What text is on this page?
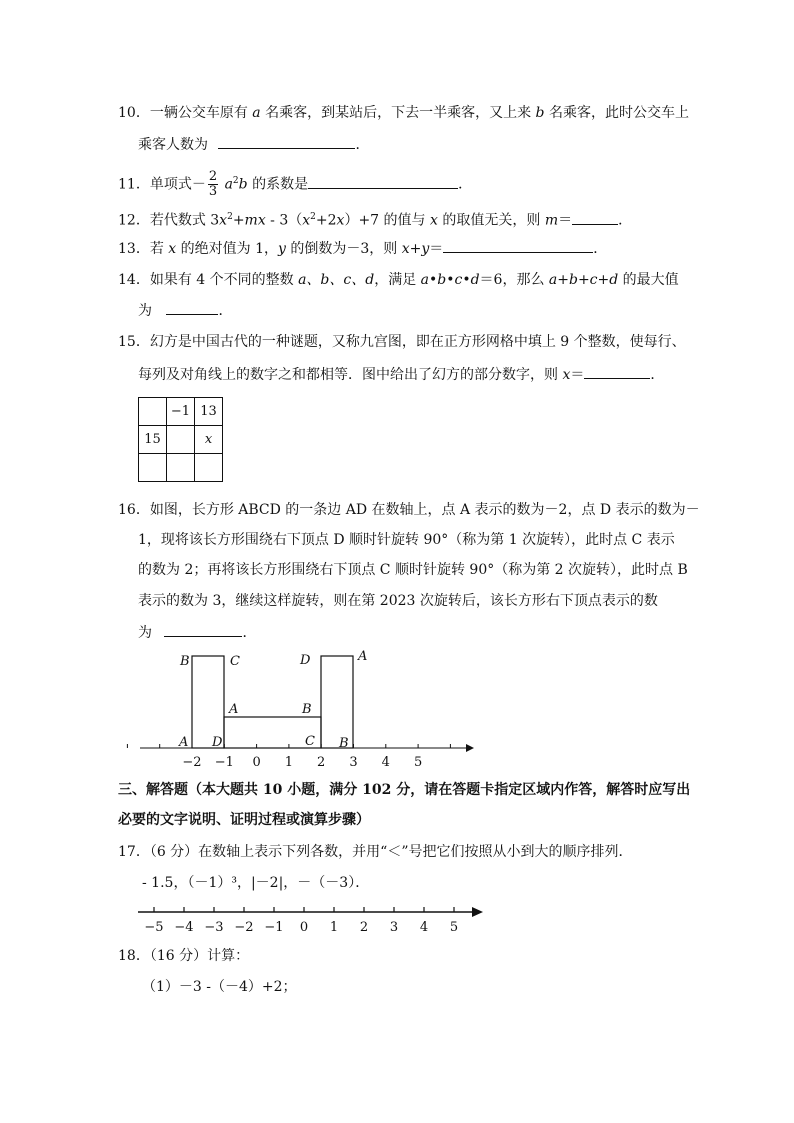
10．一辆公交车原有 a 名乘客，到某站后，下去一半乘客，又上来 b 名乘客，此时公交车上
乘客人数为	．
11．单项式－ $\frac{2}{3} a^2b$ 的系数是	．
12．若代数式 $3x^2+mx - 3(x^2+2x)+7$ 的值与 x 的取值无关，则 m＝	．
13．若 x 的绝对值为 1，y 的倒数为－3，则 x+y＝	．
14．如果有 4 个不同的整数 a、b、c、d，满足 a•b•c•d＝6，那么 a+b+c+d 的最大值
为	．
15．幻方是中国古代的一种谜题，又称九宫图，即在正方形网格中填上 9 个整数，使每行、
每列及对角线上的数字之和都相等．图中给出了幻方的部分数字，则 x＝	．
	−1	13
15		x

16．如图，长方形 ABCD 的一条边 AD 在数轴上，点 A 表示的数为－2，点 D 表示的数为－
1，现将该长方形围绕右下顶点 D 顺时针旋转 90°（称为第 1 次旋转），此时点 C 表示
的数为 2；再将该长方形围绕右下顶点 C 顺时针旋转 90°（称为第 2 次旋转），此时点 B
表示的数为 3，继续这样旋转，则在第 2023 次旋转后，该长方形右下顶点表示的数
为	．
−2 −1 0 1 2 3 4 5
B	C
A
D
D	A
A
B
C B
三、解答题（本大题共 10 小题，满分 102 分，请在答题卡指定区域内作答，解答时应写出
必要的文字说明、证明过程或演算步骤）
17．（6 分）在数轴上表示下列各数，并用“＜”号把它们按照从小到大的顺序排列．
- 1.5，（－1）³，|－2|，－（－3）．
−5 −4 −3 −2 −1 0 1 2 3 4 5
18．（16 分）计算：
（1）－3 -（－4）+2；
